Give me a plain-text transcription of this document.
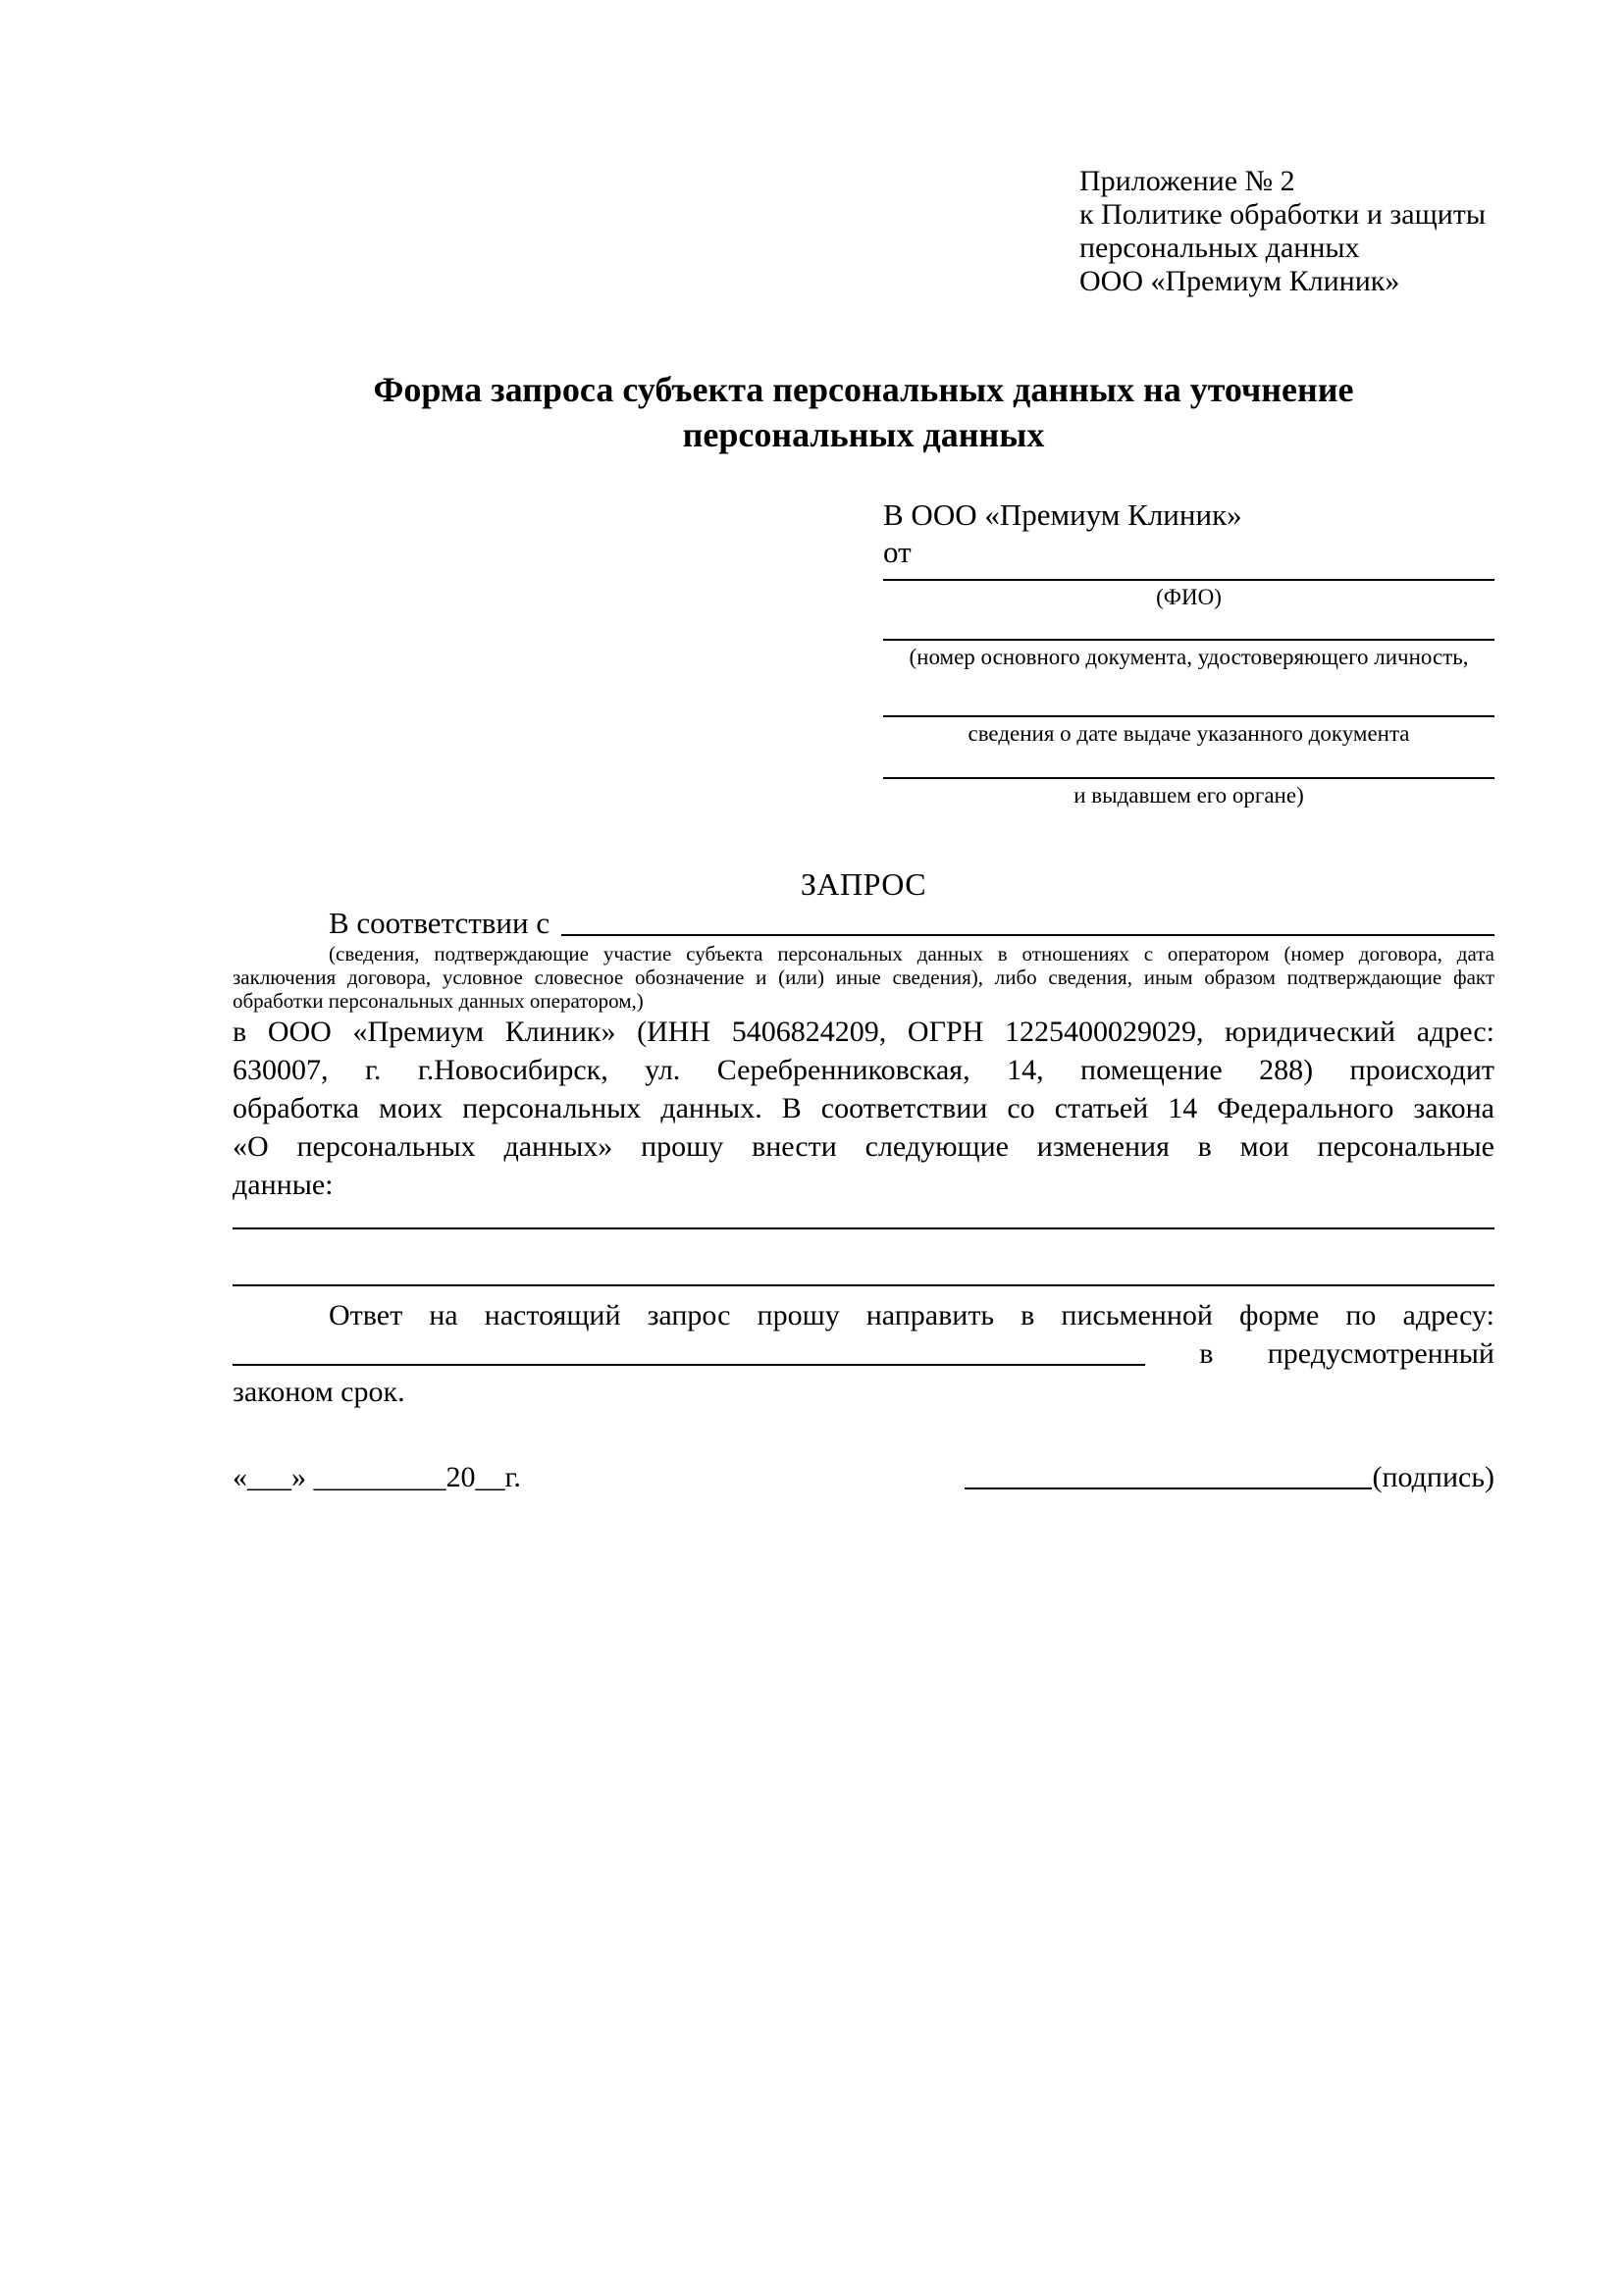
Приложение № 2
к Политике обработки и защиты
персональных данных
ООО «Премиум Клиник»
Форма запроса субъекта персональных данных на уточнение персональных данных
В ООО «Премиум Клиник»
от
(ФИО)
(номер основного документа, удостоверяющего личность,
сведения о дате выдаче указанного документа
и выдавшем его органе)
ЗАПРОС
В соответствии с
(сведения, подтверждающие участие субъекта персональных данных в отношениях с оператором (номер договора, дата
заключения договора, условное словесное обозначение и (или) иные сведения), либо сведения, иным образом подтверждающие факт
обработки персональных данных оператором,)
в ООО «Премиум Клиник» (ИНН 5406824209, ОГРН 1225400029029, юридический адрес:
630007, г. г.Новосибирск, ул. Серебренниковская, 14, помещение 288) происходит
обработка моих персональных данных. В соответствии со статьей 14 Федерального закона
«О персональных данных» прошу внести следующие изменения в мои персональные
данные:
Ответ на настоящий запрос прошу направить в письменной форме по адресу:
в предусмотренный
законом срок.
«___» _________20__г.	(подпись)
